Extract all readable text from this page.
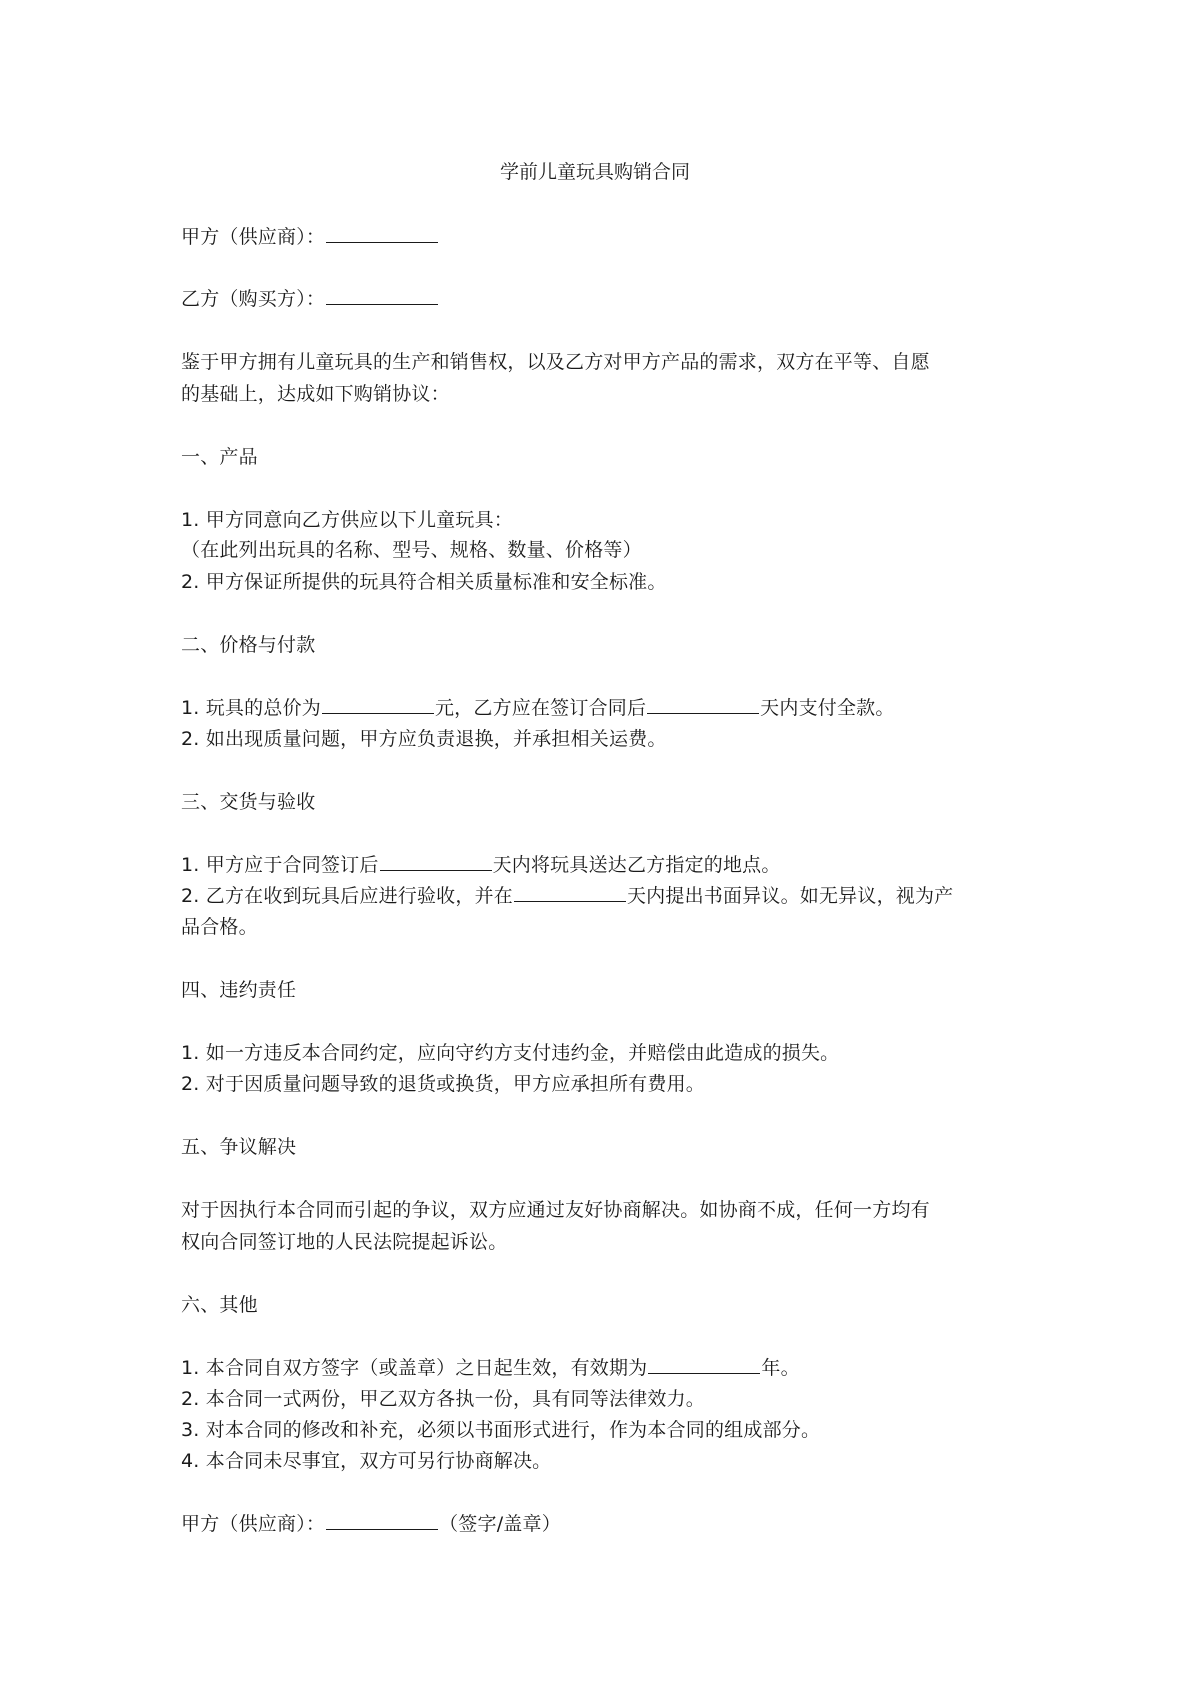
学前儿童玩具购销合同
甲方（供应商）：
乙方（购买方）：
鉴于甲方拥有儿童玩具的生产和销售权，以及乙方对甲方产品的需求，双方在平等、自愿
的基础上，达成如下购销协议：
一、产品
1. 甲方同意向乙方供应以下儿童玩具：
（在此列出玩具的名称、型号、规格、数量、价格等）
2. 甲方保证所提供的玩具符合相关质量标准和安全标准。
二、价格与付款
1. 玩具的总价为	元，乙方应在签订合同后	天内支付全款。
2. 如出现质量问题，甲方应负责退换，并承担相关运费。
三、交货与验收
1. 甲方应于合同签订后	天内将玩具送达乙方指定的地点。
2. 乙方在收到玩具后应进行验收，并在	天内提出书面异议。如无异议，视为产
品合格。
四、违约责任
1. 如一方违反本合同约定，应向守约方支付违约金，并赔偿由此造成的损失。
2. 对于因质量问题导致的退货或换货，甲方应承担所有费用。
五、争议解决
对于因执行本合同而引起的争议，双方应通过友好协商解决。如协商不成，任何一方均有
权向合同签订地的人民法院提起诉讼。
六、其他
1. 本合同自双方签字（或盖章）之日起生效，有效期为	年。
2. 本合同一式两份，甲乙双方各执一份，具有同等法律效力。
3. 对本合同的修改和补充，必须以书面形式进行，作为本合同的组成部分。
4. 本合同未尽事宜，双方可另行协商解决。
甲方（供应商）：	（签字/盖章）
